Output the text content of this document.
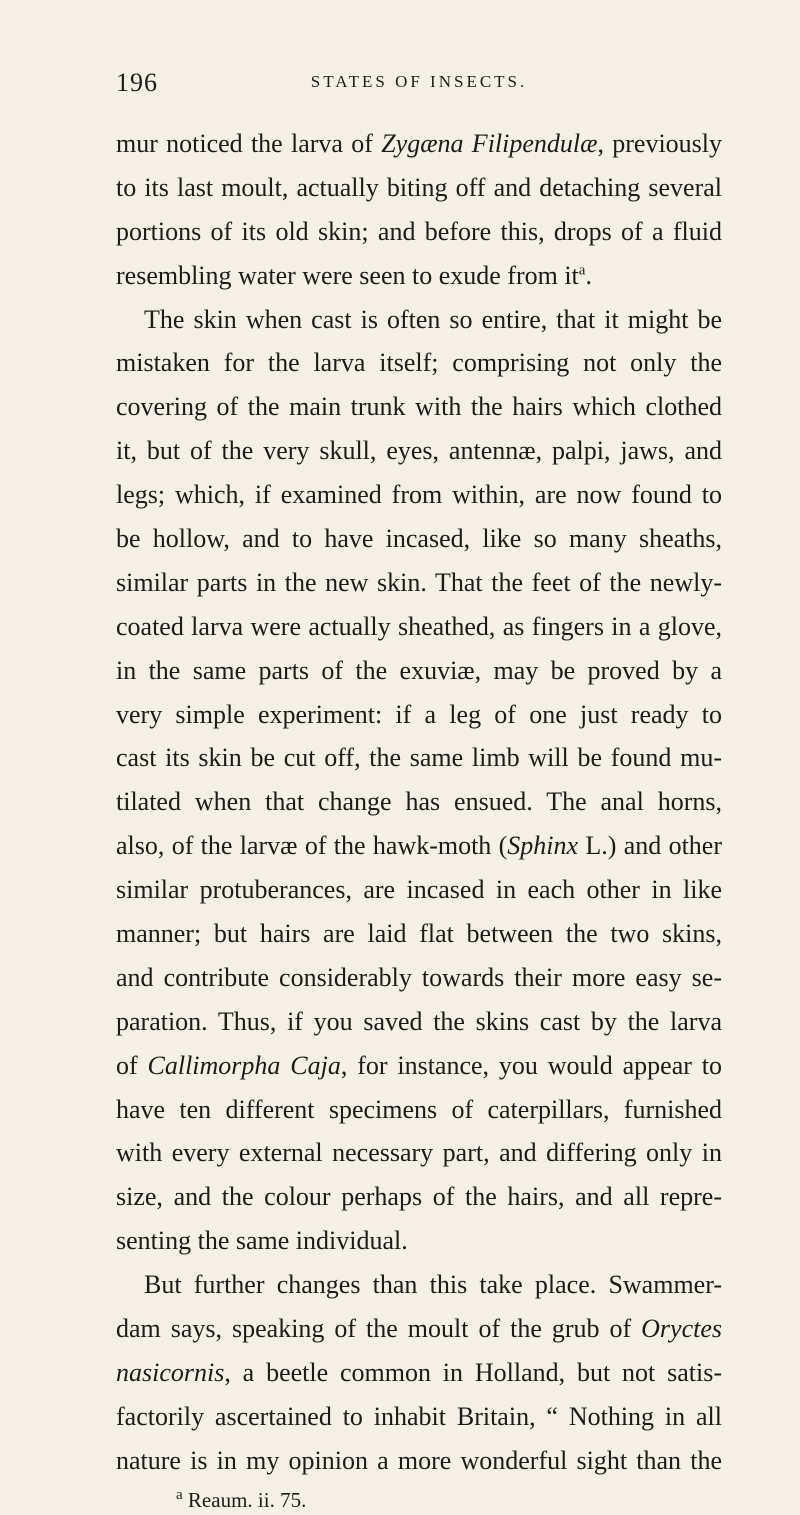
196	STATES OF INSECTS.
mur noticed the larva of Zygæna Filipendulæ, previously
to its last moult, actually biting off and detaching several
portions of its old skin; and before this, drops of a fluid
resembling water were seen to exude from $it^a$.
The skin when cast is often so entire, that it might be
mistaken for the larva itself; comprising not only the
covering of the main trunk with the hairs which clothed
it, but of the very skull, eyes, antennæ, palpi, jaws, and
legs; which, if examined from within, are now found to
be hollow, and to have incased, like so many sheaths,
similar parts in the new skin. That the feet of the newly-
coated larva were actually sheathed, as fingers in a glove,
in the same parts of the exuviæ, may be proved by a
very simple experiment: if a leg of one just ready to
cast its skin be cut off, the same limb will be found mu-
tilated when that change has ensued. The anal horns,
also, of the larvæ of the hawk-moth (Sphinx L.) and other
similar protuberances, are incased in each other in like
manner; but hairs are laid flat between the two skins,
and contribute considerably towards their more easy se-
paration. Thus, if you saved the skins cast by the larva
of Callimorpha Caja, for instance, you would appear to
have ten different specimens of caterpillars, furnished
with every external necessary part, and differing only in
size, and the colour perhaps of the hairs, and all repre-
senting the same individual.
But further changes than this take place. Swammer-
dam says, speaking of the moult of the grub of Oryctes
nasicornis, a beetle common in Holland, but not satis-
factorily ascertained to inhabit Britain, “ Nothing in all
nature is in my opinion a more wonderful sight than the
$^a$ Reaum. ii. 75.
